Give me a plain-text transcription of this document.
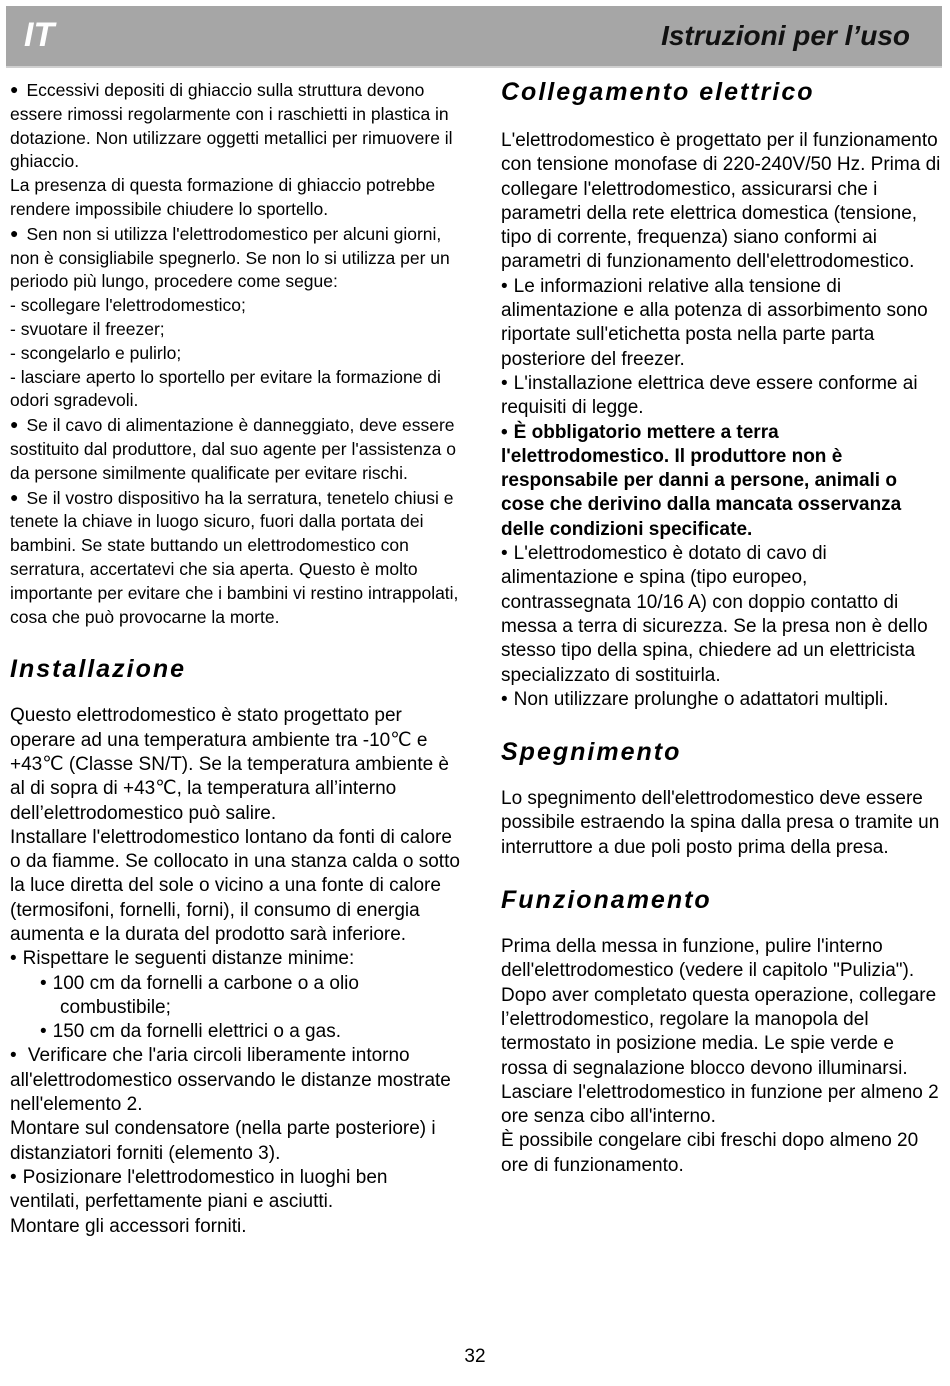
IT	Istruzioni per l’uso

● Eccessivi depositi di ghiaccio sulla struttura devono essere rimossi regolarmente con i raschietti in plastica in dotazione. Non utilizzare oggetti metallici per rimuovere il ghiaccio.

La presenza di questa formazione di ghiaccio potrebbe rendere impossibile chiudere lo sportello.

● Sen non si utilizza l'elettrodomestico per alcuni giorni, non è consigliabile spegnerlo. Se non lo si utilizza per un periodo più lungo, procedere come segue:

- scollegare l'elettrodomestico;

- svuotare il freezer;

- scongelarlo e pulirlo;

- lasciare aperto lo sportello per evitare la formazione di odori sgradevoli.

● Se il cavo di alimentazione è danneggiato, deve essere sostituito dal produttore, dal suo agente per l'assistenza o da persone similmente qualificate per evitare rischi.

● Se il vostro dispositivo ha la serratura, tenetelo chiusi e tenete la chiave in luogo sicuro, fuori dalla portata dei bambini. Se state buttando un elettrodomestico con serratura, accertatevi che sia aperta. Questo è molto importante per evitare che i bambini vi restino intrappolati, cosa che può provocarne la morte.

Installazione

Questo elettrodomestico è stato progettato per operare ad una temperatura ambiente tra -10℃ e +43℃ (Classe SN/T). Se la temperatura ambiente è al di sopra di +43℃, la temperatura all’interno dell’elettrodomestico può salire.

Installare l'elettrodomestico lontano da fonti di calore o da fiamme. Se collocato in una stanza calda o sotto la luce diretta del sole o vicino a una fonte di calore (termosifoni, fornelli, forni), il consumo di energia aumenta e la durata del prodotto sarà inferiore.

• Rispettare le seguenti distanze minime:

• 100 cm da fornelli a carbone o a olio combustibile;

• 150 cm da fornelli elettrici o a gas.

• Verificare che l'aria circoli liberamente intorno all'elettrodomestico osservando le distanze mostrate nell'elemento 2.

Montare sul condensatore (nella parte posteriore) i distanziatori forniti (elemento 3).

• Posizionare l'elettrodomestico in luoghi ben ventilati, perfettamente piani e asciutti.

Montare gli accessori forniti.

Collegamento elettrico

L'elettrodomestico è progettato per il funzionamento con tensione monofase di 220-240V/50 Hz. Prima di collegare l'elettrodomestico, assicurarsi che i parametri della rete elettrica domestica (tensione, tipo di corrente, frequenza) siano conformi ai parametri di funzionamento dell'elettrodomestico.

• Le informazioni relative alla tensione di alimentazione e alla potenza di assorbimento sono riportate sull'etichetta posta nella parte parta posteriore del freezer.

• L'installazione elettrica deve essere conforme ai requisiti di legge.

• È obbligatorio mettere a terra l'elettrodomestico. Il produttore non è responsabile per danni a persone, animali o cose che derivino dalla mancata osservanza delle condizioni specificate.

• L'elettrodomestico è dotato di cavo di alimentazione e spina (tipo europeo, contrassegnata 10/16 A) con doppio contatto di messa a terra di sicurezza. Se la presa non è dello stesso tipo della spina, chiedere ad un elettricista specializzato di sostituirla.

• Non utilizzare prolunghe o adattatori multipli.

Spegnimento

Lo spegnimento dell'elettrodomestico deve essere possibile estraendo la spina dalla presa o tramite un interruttore a due poli posto prima della presa.

Funzionamento

Prima della messa in funzione, pulire l'interno dell'elettrodomestico (vedere il capitolo "Pulizia").

Dopo aver completato questa operazione, collegare l’elettrodomestico, regolare la manopola del termostato in posizione media. Le spie verde e rossa di segnalazione blocco devono illuminarsi. Lasciare l'elettrodomestico in funzione per almeno 2 ore senza cibo all'interno.

È possibile congelare cibi freschi dopo almeno 20 ore di funzionamento.

32
